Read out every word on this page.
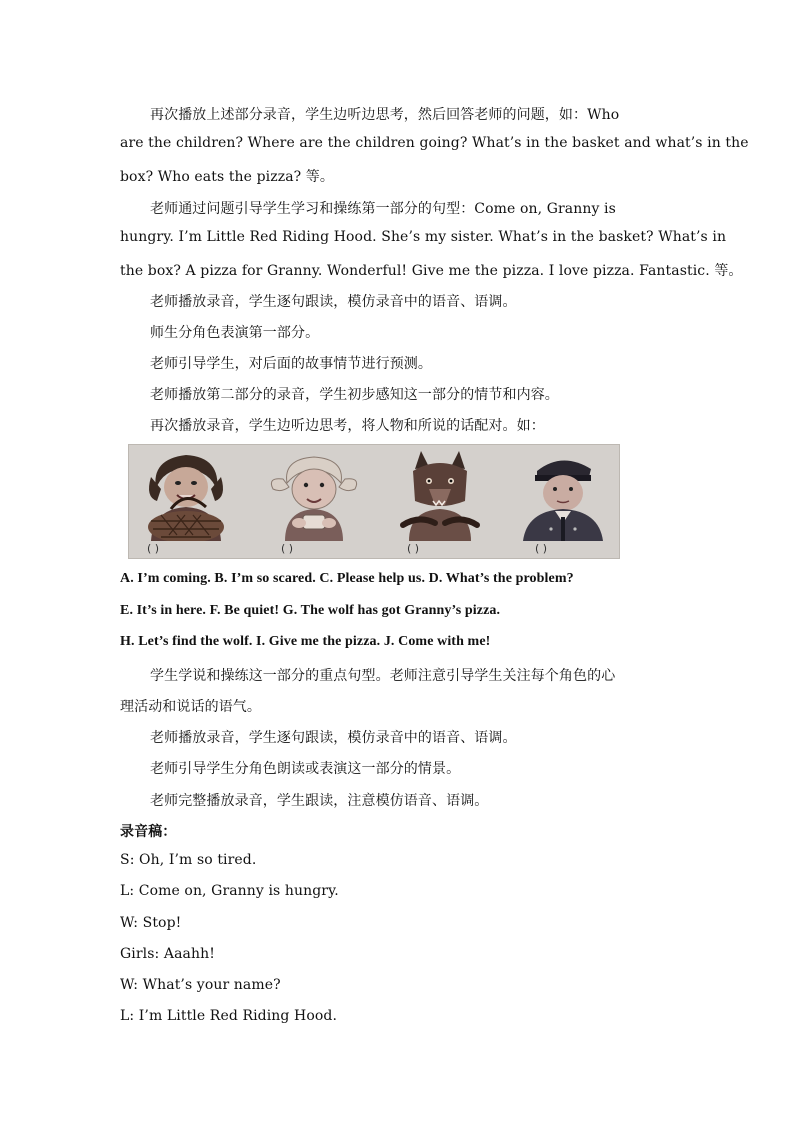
再次播放上述部分录音，学生边听边思考，然后回答老师的问题，如：Who
are the children? Where are the children going? What’s in the basket and what’s in the
box? Who eats the pizza? 等。
老师通过问题引导学生学习和操练第一部分的句型：Come on, Granny is
hungry. I’m Little Red Riding Hood. She’s my sister. What’s in the basket? What’s in
the box? A pizza for Granny. Wonderful! Give me the pizza. I love pizza. Fantastic. 等。
老师播放录音，学生逐句跟读，模仿录音中的语音、语调。
师生分角色表演第一部分。
老师引导学生，对后面的故事情节进行预测。
老师播放第二部分的录音，学生初步感知这一部分的情节和内容。
再次播放录音，学生边听边思考，将人物和所说的话配对。如：
( )	( )	( )	( )
A. I’m coming. B. I’m so scared. C. Please help us. D. What’s the problem?
E. It’s in here. F. Be quiet! G. The wolf has got Granny’s pizza.
H. Let’s find the wolf. I. Give me the pizza. J. Come with me!
学生学说和操练这一部分的重点句型。老师注意引导学生关注每个角色的心
理活动和说话的语气。
老师播放录音，学生逐句跟读，模仿录音中的语音、语调。
老师引导学生分角色朗读或表演这一部分的情景。
老师完整播放录音，学生跟读，注意模仿语音、语调。
录音稿：
S: Oh, I’m so tired.
L: Come on, Granny is hungry.
W: Stop!
Girls: Aaahh!
W: What’s your name?
L: I’m Little Red Riding Hood.
